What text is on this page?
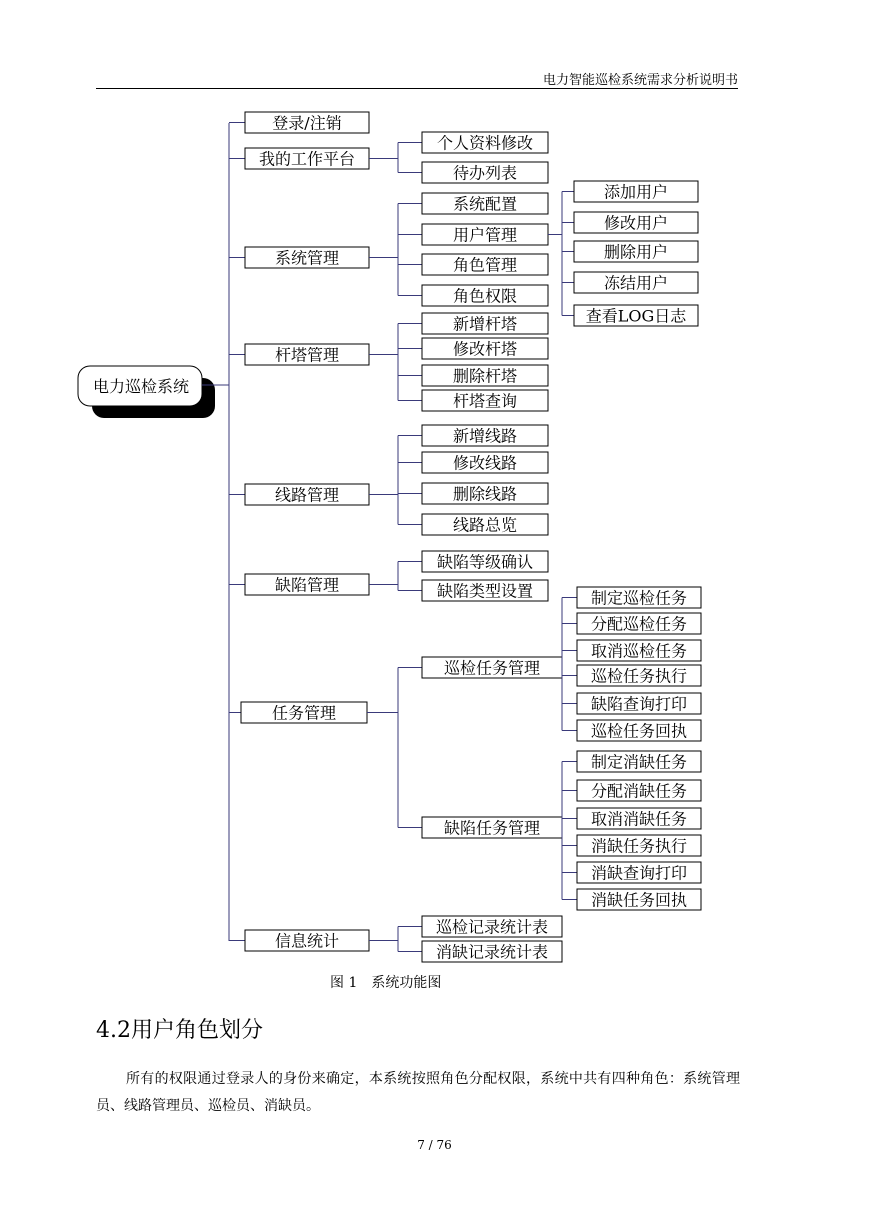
电力智能巡检系统需求分析说明书
电力巡检系统
登录/注销
我的工作平台
个人资料修改
待办列表
系统管理
系统配置
用户管理
添加用户
修改用户
删除用户
冻结用户
查看LOG日志
角色管理
角色权限
杆塔管理
新增杆塔
修改杆塔
删除杆塔
杆塔查询
线路管理
新增线路
修改线路
删除线路
线路总览
缺陷管理
缺陷等级确认
缺陷类型设置
任务管理
巡检任务管理
制定巡检任务
分配巡检任务
取消巡检任务
巡检任务执行
缺陷查询打印
巡检任务回执
缺陷任务管理
制定消缺任务
分配消缺任务
取消消缺任务
消缺任务执行
消缺查询打印
消缺任务回执
信息统计
巡检记录统计表
消缺记录统计表
图 1　系统功能图
4.2用户角色划分
所有的权限通过登录人的身份来确定，本系统按照角色分配权限，系统中共有四种角色：系统管理员、线路管理员、巡检员、消缺员。
7 / 76
